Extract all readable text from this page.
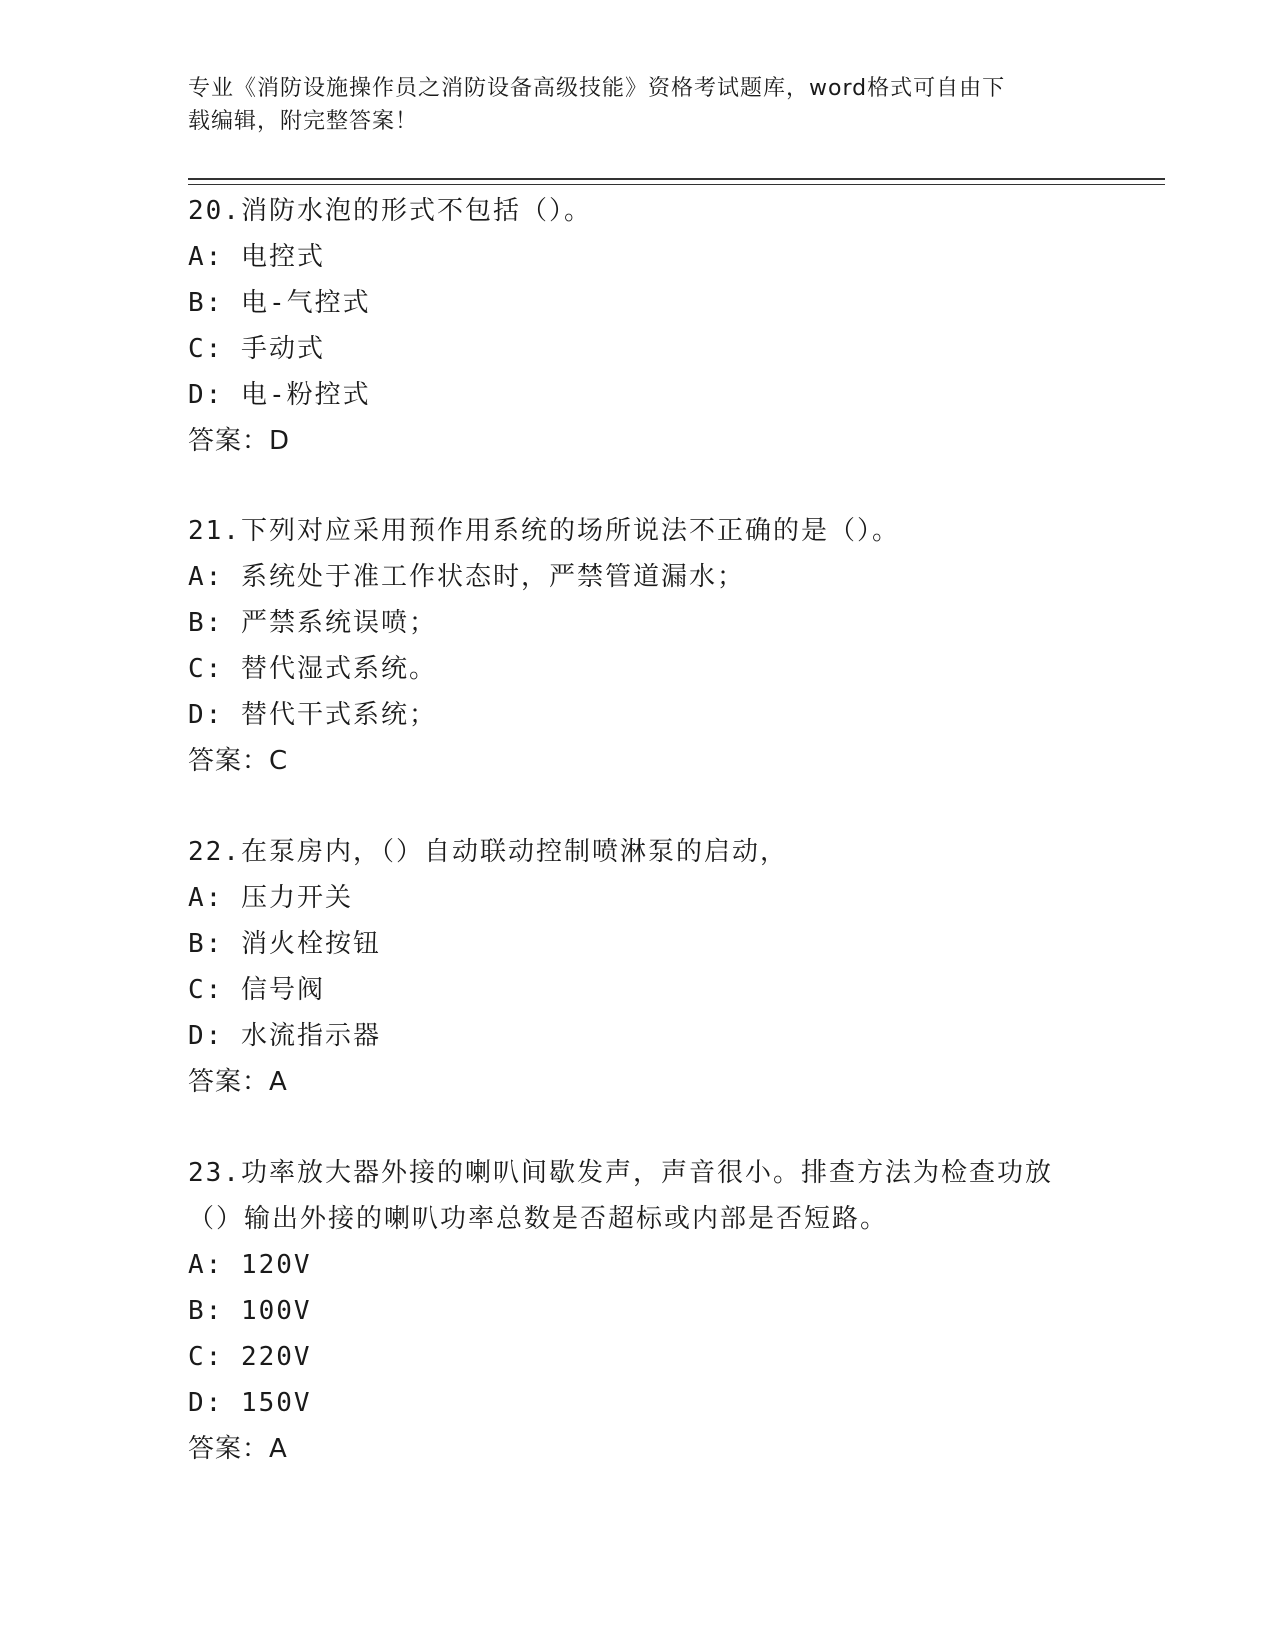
专业《消防设施操作员之消防设备高级技能》资格考试题库，word格式可自由下
载编辑，附完整答案！
20.消防水泡的形式不包括（）。
A: 电控式
B: 电-气控式
C: 手动式
D: 电-粉控式
答案：D
21.下列对应采用预作用系统的场所说法不正确的是（）。
A: 系统处于准工作状态时，严禁管道漏水；
B: 严禁系统误喷；
C: 替代湿式系统。
D: 替代干式系统；
答案：C
22.在泵房内，（）自动联动控制喷淋泵的启动，
A: 压力开关
B: 消火栓按钮
C: 信号阀
D: 水流指示器
答案：A
23.功率放大器外接的喇叭间歇发声，声音很小。排查方法为检查功放
（）输出外接的喇叭功率总数是否超标或内部是否短路。
A: 120V
B: 100V
C: 220V
D: 150V
答案：A
